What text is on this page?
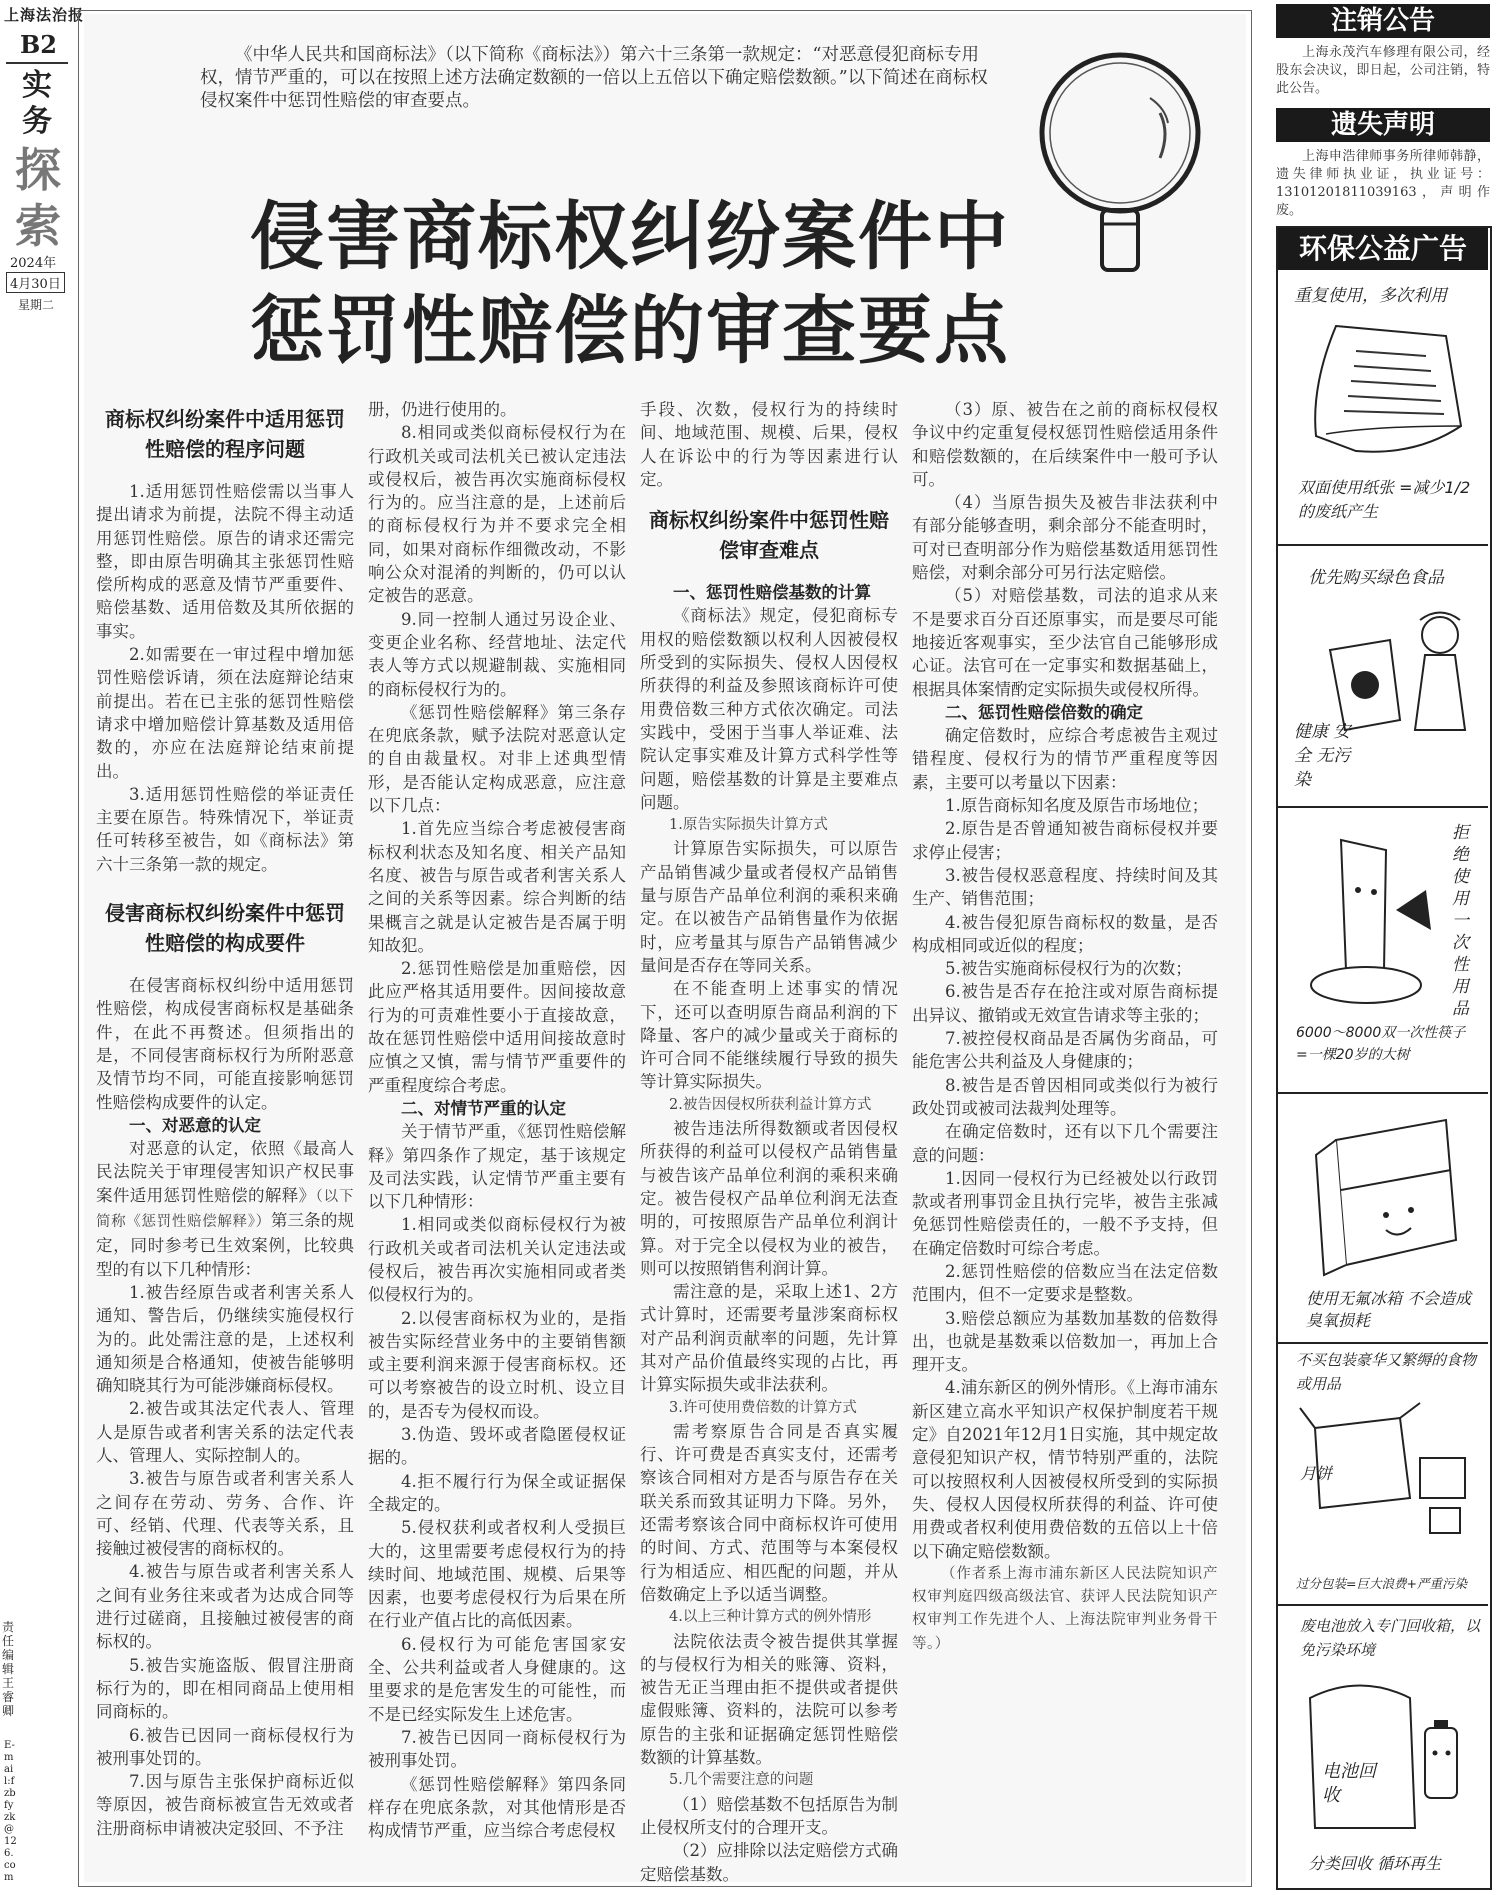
上海法治报
B2
实务
探索
2024年
4月30日
星期二
责任编辑 王睿卿
E-mail:fzbfyzk@126.com
《中华人民共和国商标法》（以下简称《商标法》）第六十三条第一款规定：“对恶意侵犯商标专用权，情节严重的，可以在按照上述方法确定数额的一倍以上五倍以下确定赔偿数额。”以下简述在商标权侵权案件中惩罚性赔偿的审查要点。
侵害商标权纠纷案件中
惩罚性赔偿的审查要点

商标权纠纷案件中适用惩罚性赔偿的程序问题

1.适用惩罚性赔偿需以当事人提出请求为前提，法院不得主动适用惩罚性赔偿。原告的请求还需完整，即由原告明确其主张惩罚性赔偿所构成的恶意及情节严重要件、赔偿基数、适用倍数及其所依据的事实。

2.如需要在一审过程中增加惩罚性赔偿诉请，须在法庭辩论结束前提出。若在已主张的惩罚性赔偿请求中增加赔偿计算基数及适用倍数的，亦应在法庭辩论结束前提出。

3.适用惩罚性赔偿的举证责任主要在原告。特殊情况下，举证责任可转移至被告，如《商标法》第六十三条第一款的规定。

侵害商标权纠纷案件中惩罚性赔偿的构成要件

在侵害商标权纠纷中适用惩罚性赔偿，构成侵害商标权是基础条件，在此不再赘述。但须指出的是，不同侵害商标权行为所附恶意及情节均不同，可能直接影响惩罚性赔偿构成要件的认定。

一、对恶意的认定

对恶意的认定，依照《最高人民法院关于审理侵害知识产权民事案件适用惩罚性赔偿的解释》（以下简称《惩罚性赔偿解释》）第三条的规定，同时参考已生效案例，比较典型的有以下几种情形：

1.被告经原告或者利害关系人通知、警告后，仍继续实施侵权行为的。此处需注意的是，上述权利通知须是合格通知，使被告能够明确知晓其行为可能涉嫌商标侵权。

2.被告或其法定代表人、管理人是原告或者利害关系的法定代表人、管理人、实际控制人的。

3.被告与原告或者利害关系人之间存在劳动、劳务、合作、许可、经销、代理、代表等关系，且接触过被侵害的商标权的。

4.被告与原告或者利害关系人之间有业务往来或者为达成合同等进行过磋商，且接触过被侵害的商标权的。

5.被告实施盗版、假冒注册商标行为的，即在相同商品上使用相同商标的。

6.被告已因同一商标侵权行为被刑事处罚的。

7.因与原告主张保护商标近似等原因，被告商标被宣告无效或者注册商标申请被决定驳回、不予注

册，仍进行使用的。

8.相同或类似商标侵权行为在行政机关或司法机关已被认定违法或侵权后，被告再次实施商标侵权行为的。应当注意的是，上述前后的商标侵权行为并不要求完全相同，如果对商标作细微改动，不影响公众对混淆的判断的，仍可以认定被告的恶意。

9.同一控制人通过另设企业、变更企业名称、经营地址、法定代表人等方式以规避制裁、实施相同的商标侵权行为的。

《惩罚性赔偿解释》第三条存在兜底条款，赋予法院对恶意认定的自由裁量权。对非上述典型情形，是否能认定构成恶意，应注意以下几点：

1.首先应当综合考虑被侵害商标权利状态及知名度、相关产品知名度、被告与原告或者利害关系人之间的关系等因素。综合判断的结果概言之就是认定被告是否属于明知故犯。

2.惩罚性赔偿是加重赔偿，因此应严格其适用要件。因间接故意行为的可责难性要小于直接故意，故在惩罚性赔偿中适用间接故意时应慎之又慎，需与情节严重要件的严重程度综合考虑。

二、对情节严重的认定

关于情节严重，《惩罚性赔偿解释》第四条作了规定，基于该规定及司法实践，认定情节严重主要有以下几种情形：

1.相同或类似商标侵权行为被行政机关或者司法机关认定违法或侵权后，被告再次实施相同或者类似侵权行为的。

2.以侵害商标权为业的，是指被告实际经营业务中的主要销售额或主要利润来源于侵害商标权。还可以考察被告的设立时机、设立目的，是否专为侵权而设。

3.伪造、毁坏或者隐匿侵权证据的。

4.拒不履行行为保全或证据保全裁定的。

5.侵权获利或者权利人受损巨大的，这里需要考虑侵权行为的持续时间、地域范围、规模、后果等因素，也要考虑侵权行为后果在所在行业产值占比的高低因素。

6.侵权行为可能危害国家安全、公共利益或者人身健康的。这里要求的是危害发生的可能性，而不是已经实际发生上述危害。

7.被告已因同一商标侵权行为被刑事处罚。

《惩罚性赔偿解释》第四条同样存在兜底条款，对其他情形是否构成情节严重，应当综合考虑侵权

手段、次数，侵权行为的持续时间、地域范围、规模、后果，侵权人在诉讼中的行为等因素进行认定。

商标权纠纷案件中惩罚性赔偿审查难点

一、惩罚性赔偿基数的计算

《商标法》规定，侵犯商标专用权的赔偿数额以权利人因被侵权所受到的实际损失、侵权人因侵权所获得的利益及参照该商标许可使用费倍数三种方式依次确定。司法实践中，受困于当事人举证难、法院认定事实难及计算方式科学性等问题，赔偿基数的计算是主要难点问题。

1.原告实际损失计算方式

计算原告实际损失，可以原告产品销售减少量或者侵权产品销售量与原告产品单位利润的乘积来确定。在以被告产品销售量作为依据时，应考量其与原告产品销售减少量间是否存在等同关系。

在不能查明上述事实的情况下，还可以查明原告商品利润的下降量、客户的减少量或关于商标的许可合同不能继续履行导致的损失等计算实际损失。

2.被告因侵权所获利益计算方式

被告违法所得数额或者因侵权所获得的利益可以侵权产品销售量与被告该产品单位利润的乘积来确定。被告侵权产品单位利润无法查明的，可按照原告产品单位利润计算。对于完全以侵权为业的被告，则可以按照销售利润计算。

需注意的是，采取上述1、2方式计算时，还需要考量涉案商标权对产品利润贡献率的问题，先计算其对产品价值最终实现的占比，再计算实际损失或非法获利。

3.许可使用费倍数的计算方式

需考察原告合同是否真实履行、许可费是否真实支付，还需考察该合同相对方是否与原告存在关联关系而致其证明力下降。另外，还需考察该合同中商标权许可使用的时间、方式、范围等与本案侵权行为相适应、相匹配的问题，并从倍数确定上予以适当调整。

4.以上三种计算方式的例外情形

法院依法责令被告提供其掌握的与侵权行为相关的账簿、资料，被告无正当理由拒不提供或者提供虚假账簿、资料的，法院可以参考原告的主张和证据确定惩罚性赔偿数额的计算基数。

5.几个需要注意的问题

（1）赔偿基数不包括原告为制止侵权所支付的合理开支。

（2）应排除以法定赔偿方式确定赔偿基数。

（3）原、被告在之前的商标权侵权争议中约定重复侵权惩罚性赔偿适用条件和赔偿数额的，在后续案件中一般可予认可。

（4）当原告损失及被告非法获利中有部分能够查明，剩余部分不能查明时，可对已查明部分作为赔偿基数适用惩罚性赔偿，对剩余部分可另行法定赔偿。

（5）对赔偿基数，司法的追求从来不是要求百分百还原事实，而是要尽可能地接近客观事实，至少法官自己能够形成心证。法官可在一定事实和数据基础上，根据具体案情酌定实际损失或侵权所得。

二、惩罚性赔偿倍数的确定

确定倍数时，应综合考虑被告主观过错程度、侵权行为的情节严重程度等因素，主要可以考量以下因素：

1.原告商标知名度及原告市场地位；

2.原告是否曾通知被告商标侵权并要求停止侵害；

3.被告侵权恶意程度、持续时间及其生产、销售范围；

4.被告侵犯原告商标权的数量，是否构成相同或近似的程度；

5.被告实施商标侵权行为的次数；

6.被告是否存在抢注或对原告商标提出异议、撤销或无效宣告请求等主张的；

7.被控侵权商品是否属伪劣商品，可能危害公共利益及人身健康的；

8.被告是否曾因相同或类似行为被行政处罚或被司法裁判处理等。

在确定倍数时，还有以下几个需要注意的问题：

1.因同一侵权行为已经被处以行政罚款或者刑事罚金且执行完毕，被告主张减免惩罚性赔偿责任的，一般不予支持，但在确定倍数时可综合考虑。

2.惩罚性赔偿的倍数应当在法定倍数范围内，但不一定要求是整数。

3.赔偿总额应为基数加基数的倍数得出，也就是基数乘以倍数加一，再加上合理开支。

4.浦东新区的例外情形。《上海市浦东新区建立高水平知识产权保护制度若干规定》自2021年12月1日实施，其中规定故意侵犯知识产权，情节特别严重的，法院可以按照权利人因被侵权所受到的实际损失、侵权人因侵权所获得的利益、许可使用费或者权利使用费倍数的五倍以上十倍以下确定赔偿数额。

（作者系上海市浦东新区人民法院知识产权审判庭四级高级法官、获评人民法院知识产权审判工作先进个人、上海法院审判业务骨干等。）

注销公告
上海永茂汽车修理有限公司，经股东会决议，即日起，公司注销，特此公告。
遗失声明
上海申浩律师事务所律师韩静，遗失律师执业证，执业证号：13101201811039163，声明作废。
环保公益广告
重复使用，多次利用
双面使用纸张 =减少1/2的废纸产生
优先购买绿色食品
健康 安全 无污染
拒绝使用一次性用品
6000～8000双一次性筷子 =一棵20岁的大树
使用无氟冰箱 不会造成臭氧损耗
不买包装豪华又繁缛的食物或用品
月饼
过分包装=巨大浪费+严重污染
废电池放入专门回收箱，以免污染环境
电池回收
分类回收 循环再生
